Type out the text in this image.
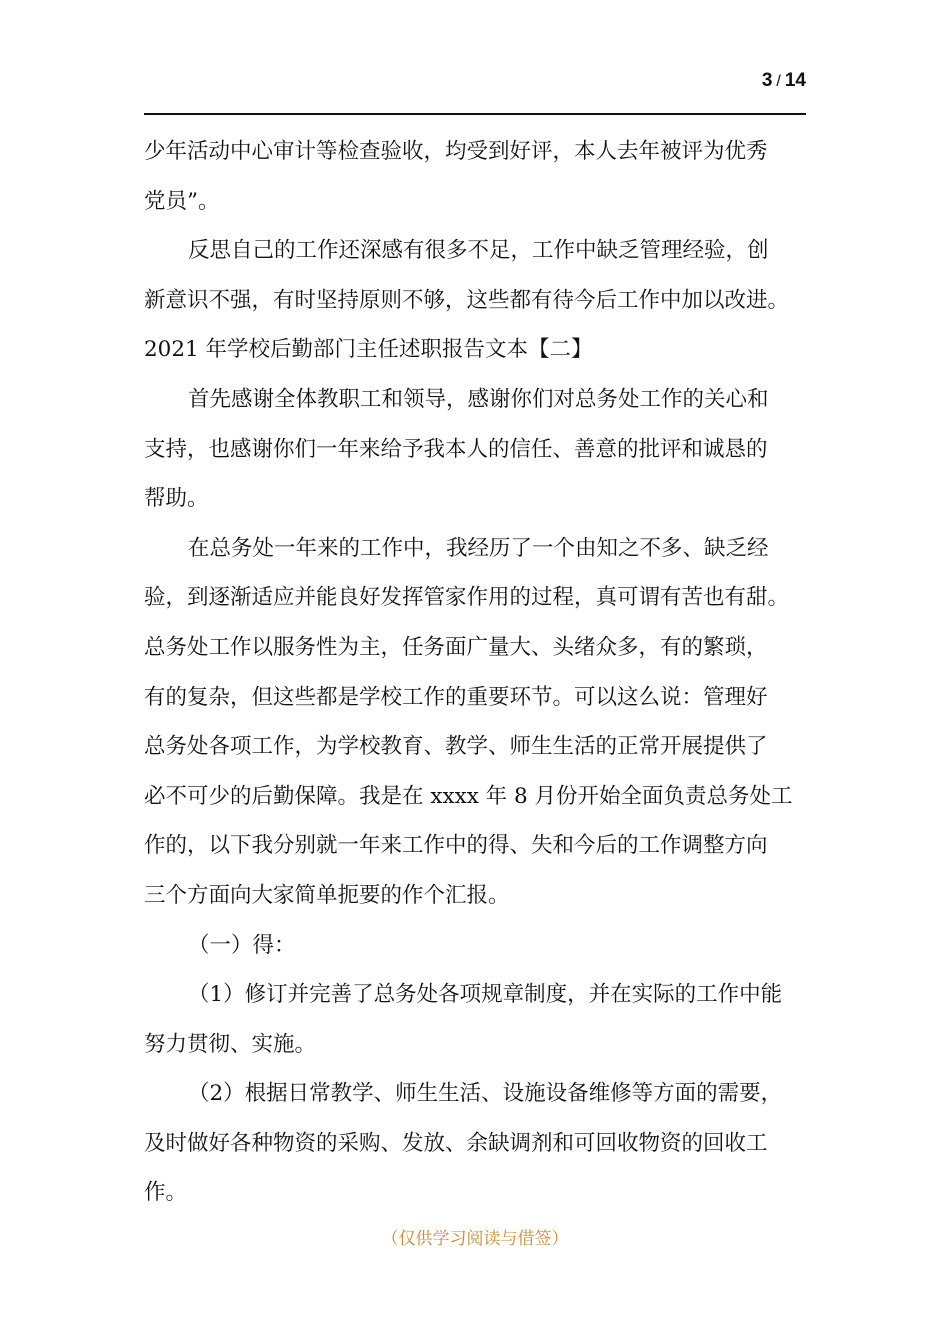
3 / 14
少年活动中心审计等检查验收，均受到好评，本人去年被评为优秀
党员”。
反思自己的工作还深感有很多不足，工作中缺乏管理经验，创
新意识不强，有时坚持原则不够，这些都有待今后工作中加以改进。
2021 年学校后勤部门主任述职报告文本【二】
首先感谢全体教职工和领导，感谢你们对总务处工作的关心和
支持，也感谢你们一年来给予我本人的信任、善意的批评和诚恳的
帮助。
在总务处一年来的工作中，我经历了一个由知之不多、缺乏经
验，到逐渐适应并能良好发挥管家作用的过程，真可谓有苦也有甜。
总务处工作以服务性为主，任务面广量大、头绪众多，有的繁琐，
有的复杂，但这些都是学校工作的重要环节。可以这么说：管理好
总务处各项工作，为学校教育、教学、师生生活的正常开展提供了
必不可少的后勤保障。我是在 xxxx 年 8 月份开始全面负责总务处工
作的，以下我分别就一年来工作中的得、失和今后的工作调整方向
三个方面向大家简单扼要的作个汇报。
（一）得：
（1）修订并完善了总务处各项规章制度，并在实际的工作中能
努力贯彻、实施。
（2）根据日常教学、师生生活、设施设备维修等方面的需要，
及时做好各种物资的采购、发放、余缺调剂和可回收物资的回收工
作。
（仅供学习阅读与借签）
